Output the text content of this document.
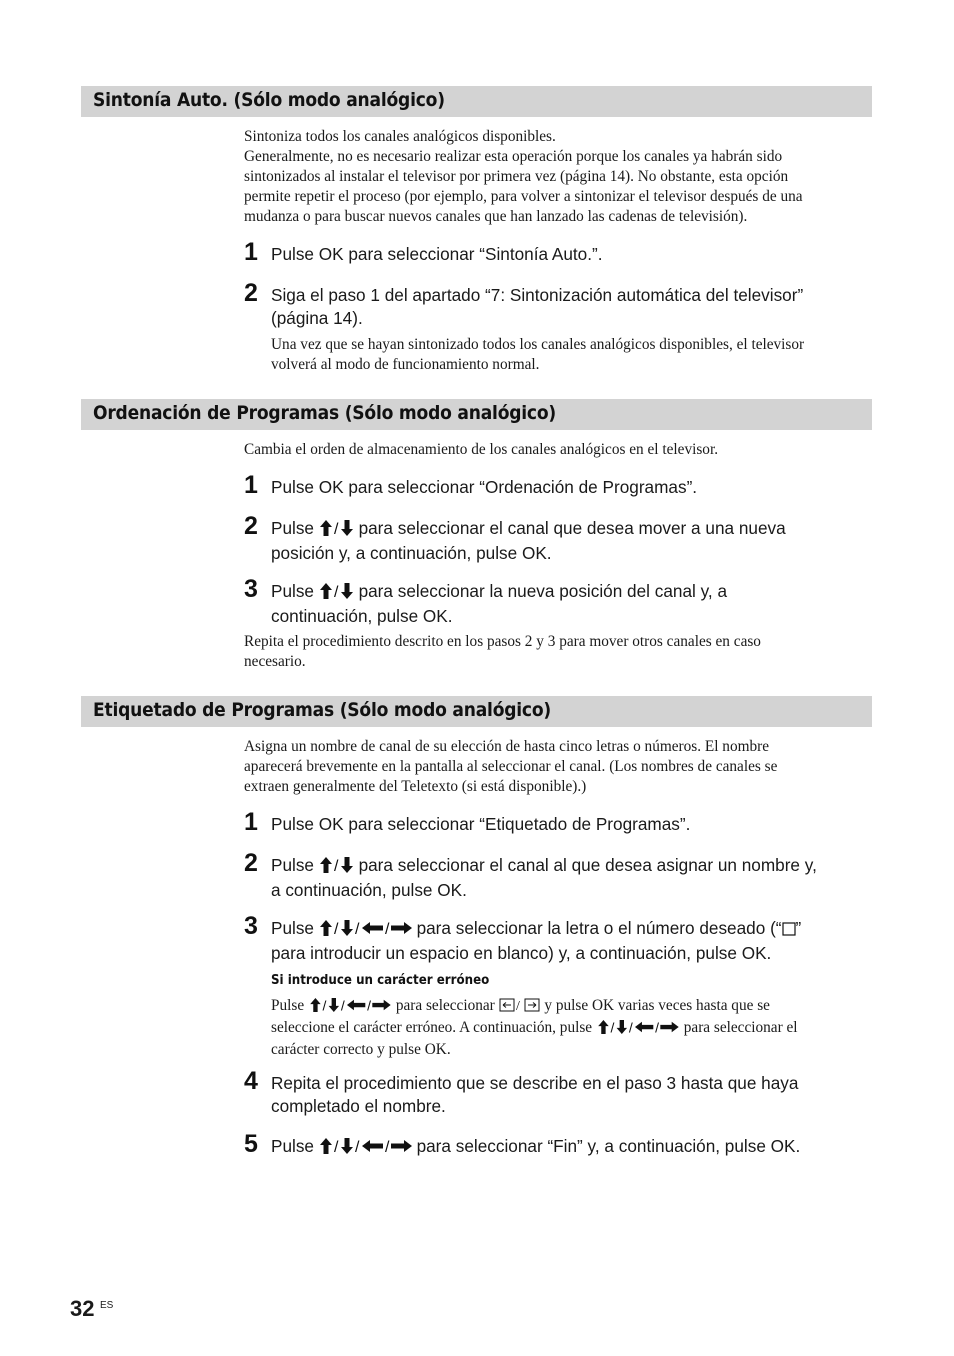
Sintonía Auto. (Sólo modo analógico)
Sintoniza todos los canales analógicos disponibles.
Generalmente, no es necesario realizar esta operación porque los canales ya habrán sido
sintonizados al instalar el televisor por primera vez (página 14). No obstante, esta opción
permite repetir el proceso (por ejemplo, para volver a sintonizar el televisor después de una
mudanza o para buscar nuevos canales que han lanzado las cadenas de televisión).
1 Pulse OK para seleccionar “Sintonía Auto.”.
2 Siga el paso 1 del apartado “7: Sintonización automática del televisor”
(página 14).
Una vez que se hayan sintonizado todos los canales analógicos disponibles, el televisor
volverá al modo de funcionamiento normal.
Ordenación de Programas (Sólo modo analógico)
Cambia el orden de almacenamiento de los canales analógicos en el televisor.
1 Pulse OK para seleccionar “Ordenación de Programas”.
2 Pulse / para seleccionar el canal que desea mover a una nueva
posición y, a continuación, pulse OK.
3 Pulse / para seleccionar la nueva posición del canal y, a
continuación, pulse OK.
Repita el procedimiento descrito en los pasos 2 y 3 para mover otros canales en caso
necesario.
Etiquetado de Programas (Sólo modo analógico)
Asigna un nombre de canal de su elección de hasta cinco letras o números. El nombre
aparecerá brevemente en la pantalla al seleccionar el canal. (Los nombres de canales se
extraen generalmente del Teletexto (si está disponible).)
1 Pulse OK para seleccionar “Etiquetado de Programas”.
2 Pulse / para seleccionar el canal al que desea asignar un nombre y,
a continuación, pulse OK.
3 Pulse / / / para seleccionar la letra o el número deseado (“ ”
para introducir un espacio en blanco) y, a continuación, pulse OK.
Si introduce un carácter erróneo
Pulse / / / para seleccionar / y pulse OK varias veces hasta que se
seleccione el carácter erróneo. A continuación, pulse / / / para seleccionar el
carácter correcto y pulse OK.
4 Repita el procedimiento que se describe en el paso 3 hasta que haya
completado el nombre.
5 Pulse / / / para seleccionar “Fin” y, a continuación, pulse OK.
32 ES
